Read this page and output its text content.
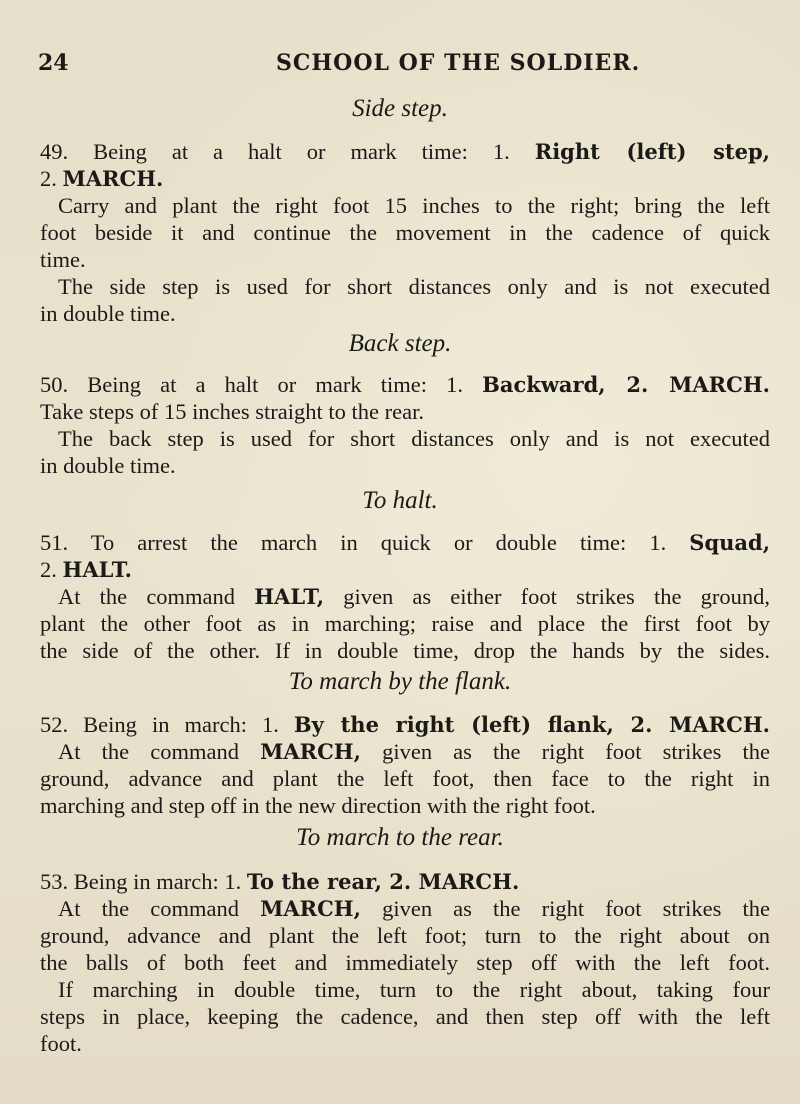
24	SCHOOL OF THE SOLDIER.
Side step.
49. Being at a halt or mark time: 1. Right (left) step,
2. MARCH.
Carry and plant the right foot 15 inches to the right; bring the left
foot beside it and continue the movement in the cadence of quick
time.
The side step is used for short distances only and is not executed
in double time.
Back step.
50. Being at a halt or mark time: 1. Backward, 2. MARCH.
Take steps of 15 inches straight to the rear.
The back step is used for short distances only and is not executed
in double time.
To halt.
51. To arrest the march in quick or double time: 1. Squad,
2. HALT.
At the command HALT, given as either foot strikes the ground,
plant the other foot as in marching; raise and place the first foot by
the side of the other. If in double time, drop the hands by the sides.
To march by the flank.
52. Being in march: 1. By the right (left) flank, 2. MARCH.
At the command MARCH, given as the right foot strikes the
ground, advance and plant the left foot, then face to the right in
marching and step off in the new direction with the right foot.
To march to the rear.
53. Being in march: 1. To the rear, 2. MARCH.
At the command MARCH, given as the right foot strikes the
ground, advance and plant the left foot; turn to the right about on
the balls of both feet and immediately step off with the left foot.
If marching in double time, turn to the right about, taking four
steps in place, keeping the cadence, and then step off with the left
foot.
